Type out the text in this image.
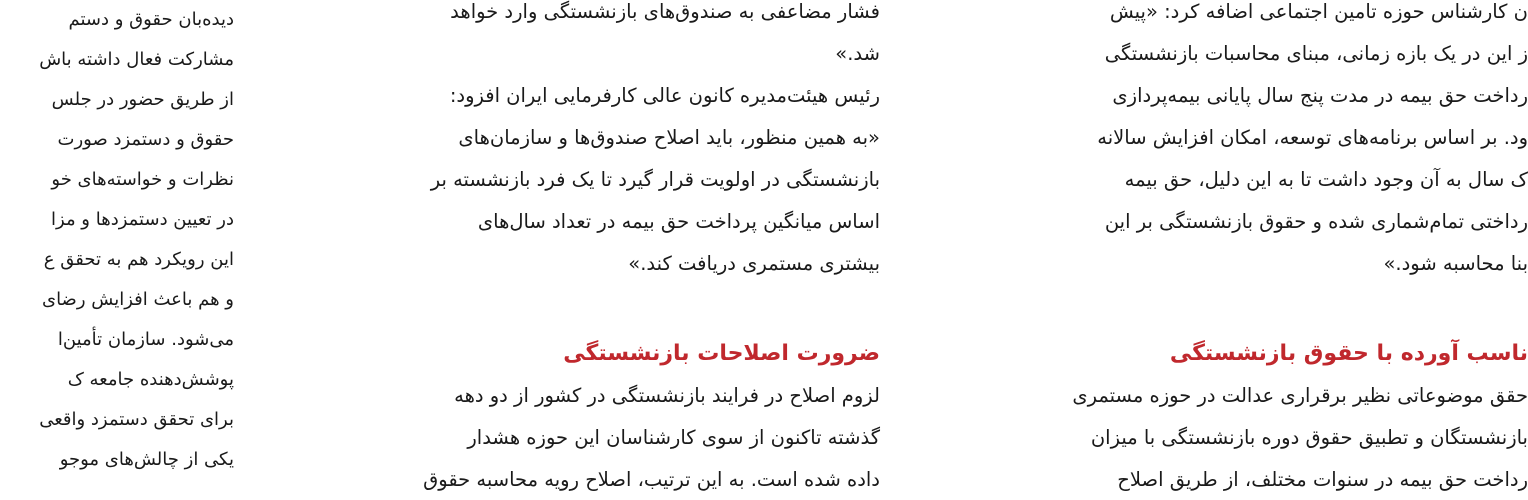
ن کارشناس حوزه تامین اجتماعی اضافه کرد: «پیش
ز این در یک بازه زمانی، مبنای محاسبات بازنشستگی
رداخت حق بیمه در مدت پنج سال پایانی بیمه‌پردازی
ود. بر اساس برنامه‌های توسعه، امکان افزایش سالانه
ک سال به آن وجود داشت تا به این دلیل، حق بیمه
رداختی تمام‌شماری شده و حقوق بازنشستگی بر این
بنا محاسبه شود.»
ناسب آورده با حقوق بازنشستگی
حقق موضوعاتی نظیر برقراری عدالت در حوزه مستمری
بازنشستگان و تطبیق حقوق دوره بازنشستگی با میزان
رداخت حق بیمه در سنوات مختلف، از طریق اصلاح
فشار مضاعفی به صندوق‌های بازنشستگی وارد خواهد
شد.»
رئیس هیئت‌مدیره کانون عالی کارفرمایی ایران افزود:
«به همین منظور، باید اصلاح صندوق‌ها و سازمان‌های
بازنشستگی در اولویت قرار گیرد تا یک فرد بازنشسته بر
اساس میانگین پرداخت حق بیمه در تعداد سال‌های
بیشتری مستمری دریافت کند.»
ضرورت اصلاحات بازنشستگی
لزوم اصلاح در فرایند بازنشستگی در کشور از دو دهه
گذشته تاکنون از سوی کارشناسان این حوزه هشدار
داده شده است. به این ترتیب، اصلاح رویه محاسبه حقوق
دیده‌بان حقوق و دستم
مشارکت فعال داشته باش
از طریق حضور در جلس
حقوق و دستمزد صورت
نظرات و خواسته‌های خو
در تعیین دستمزدها و مزا
این رویکرد هم به تحقق ع
و هم باعث افزایش رضای
می‌شود. سازمان تأمین‌ا
پوشش‌دهنده جامعه ک
برای تحقق دستمزد واقعی
یکی از چالش‌های موجو
